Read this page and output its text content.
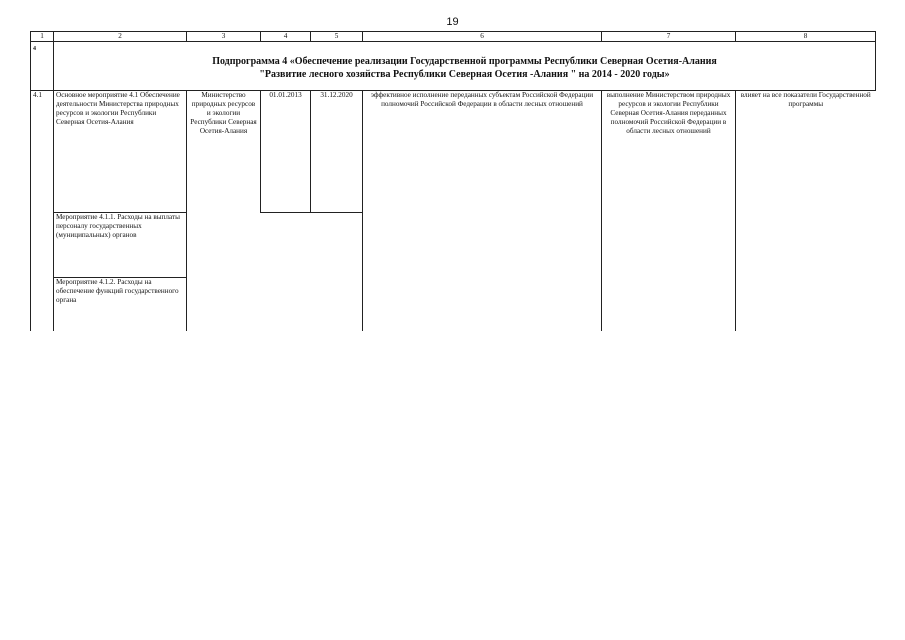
19
1	2	3	4	5	6	7	8
4	Подпрограмма 4 «Обеспечение реализации Государственной программы Республики Северная Осетия-Алания
"Развитие лесного хозяйства Республики Северная Осетия -Алания " на 2014 - 2020 годы»						

4.1	Основное мероприятие 4.1 Обеспечение деятельности Министерства природных ресурсов и экологии Республики Северная Осетия-Алания	Министерство природных ресурсов и экологии Республики Северная Осетия-Алания	01.01.2013	31.12.2020	эффективное исполнение переданных субъектам Российской Федерации полномочий Российской Федерации в области лесных отношений	выполнение Министерством природных ресурсов и экологии Республики Северная Осетия-Алания переданных полномочий Российской Федерации в области лесных отношений	влияет на все показатели Государственной программы
	Мероприятие 4.1.1. Расходы на выплаты персоналу государственных (муниципальных) органов						
	Мероприятие 4.1.2. Расходы на обеспечение функций государственного органа						
